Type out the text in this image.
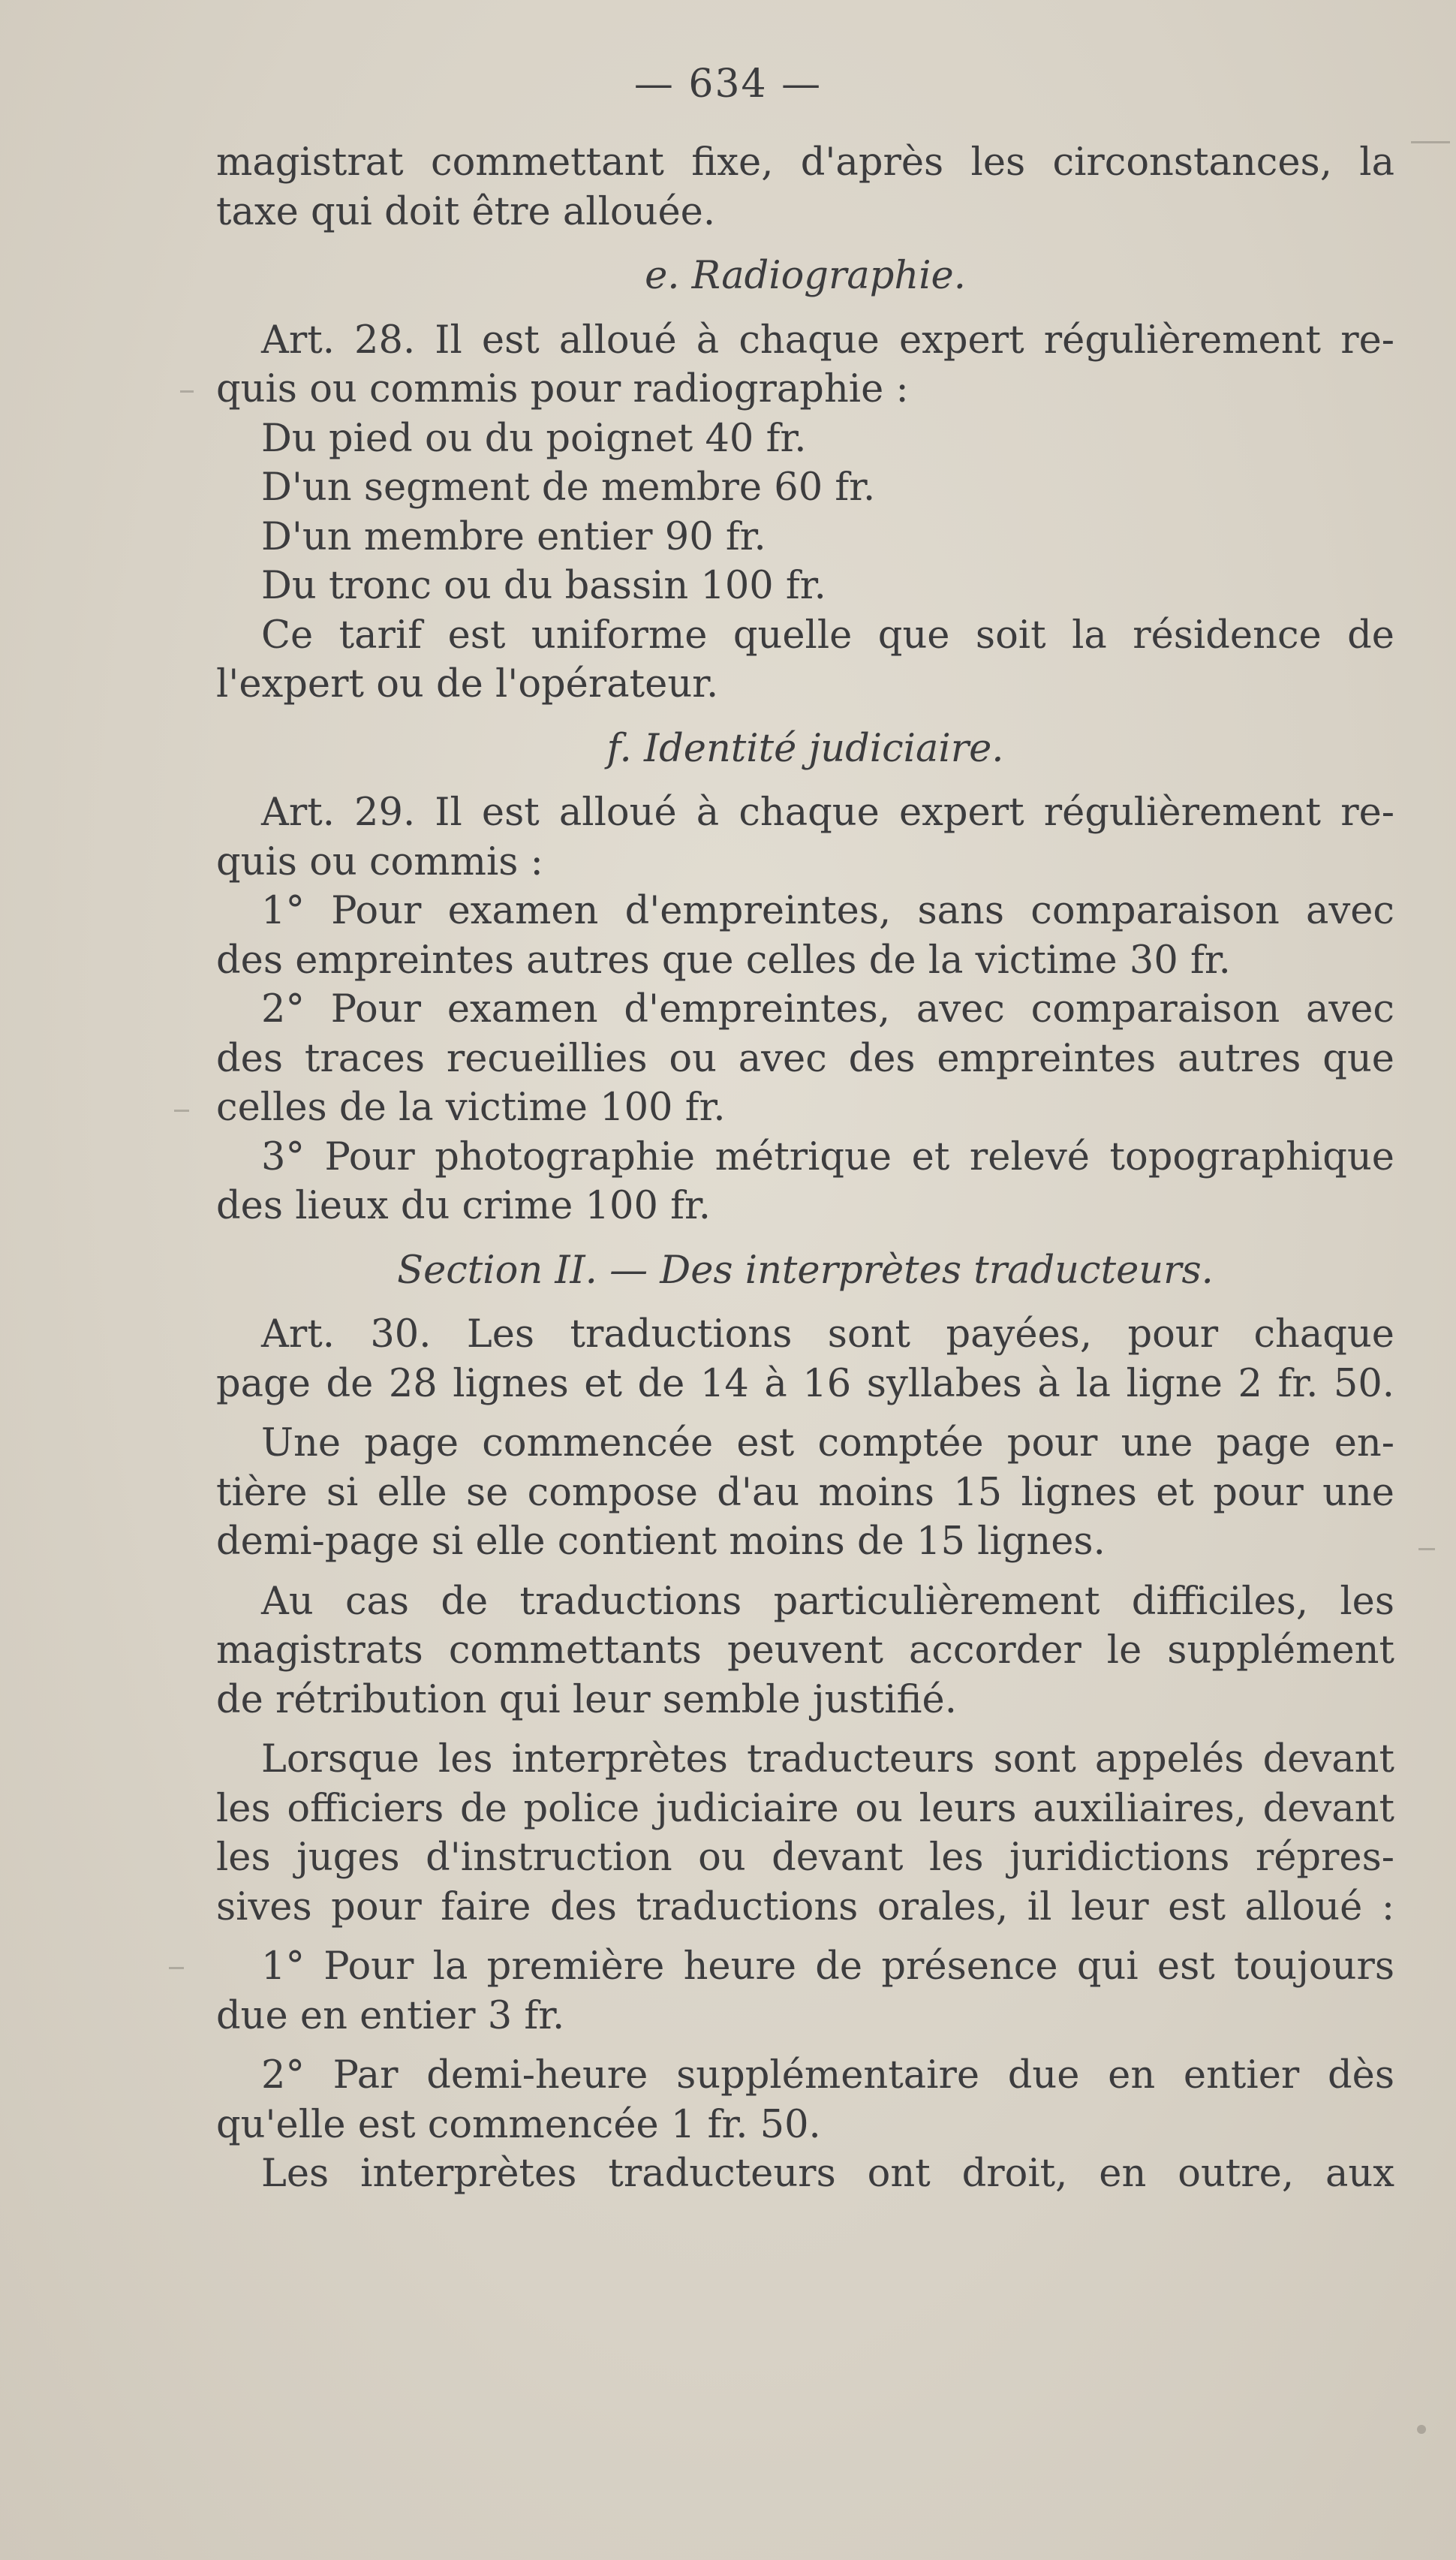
— 634 —
magistrat commettant fixe, d'après les circonstances, la
taxe qui doit être allouée.
e. Radiographie.
Art. 28. Il est alloué à chaque expert régulièrement re-
quis ou commis pour radiographie :
Du pied ou du poignet 40 fr.
D'un segment de membre 60 fr.
D'un membre entier 90 fr.
Du tronc ou du bassin 100 fr.
Ce tarif est uniforme quelle que soit la résidence de
l'expert ou de l'opérateur.
f. Identité judiciaire.
Art. 29. Il est alloué à chaque expert régulièrement re-
quis ou commis :
1° Pour examen d'empreintes, sans comparaison avec
des empreintes autres que celles de la victime 30 fr.
2° Pour examen d'empreintes, avec comparaison avec
des traces recueillies ou avec des empreintes autres que
celles de la victime 100 fr.
3° Pour photographie métrique et relevé topographique
des lieux du crime 100 fr.
Section II. — Des interprètes traducteurs.
Art. 30. Les traductions sont payées, pour chaque
page de 28 lignes et de 14 à 16 syllabes à la ligne 2 fr. 50.
Une page commencée est comptée pour une page en-
tière si elle se compose d'au moins 15 lignes et pour une
demi-page si elle contient moins de 15 lignes.
Au cas de traductions particulièrement difficiles, les
magistrats commettants peuvent accorder le supplément
de rétribution qui leur semble justifié.
Lorsque les interprètes traducteurs sont appelés devant
les officiers de police judiciaire ou leurs auxiliaires, devant
les juges d'instruction ou devant les juridictions répres-
sives pour faire des traductions orales, il leur est alloué :
1° Pour la première heure de présence qui est toujours
due en entier 3 fr.
2° Par demi-heure supplémentaire due en entier dès
qu'elle est commencée 1 fr. 50.
Les interprètes traducteurs ont droit, en outre, aux
